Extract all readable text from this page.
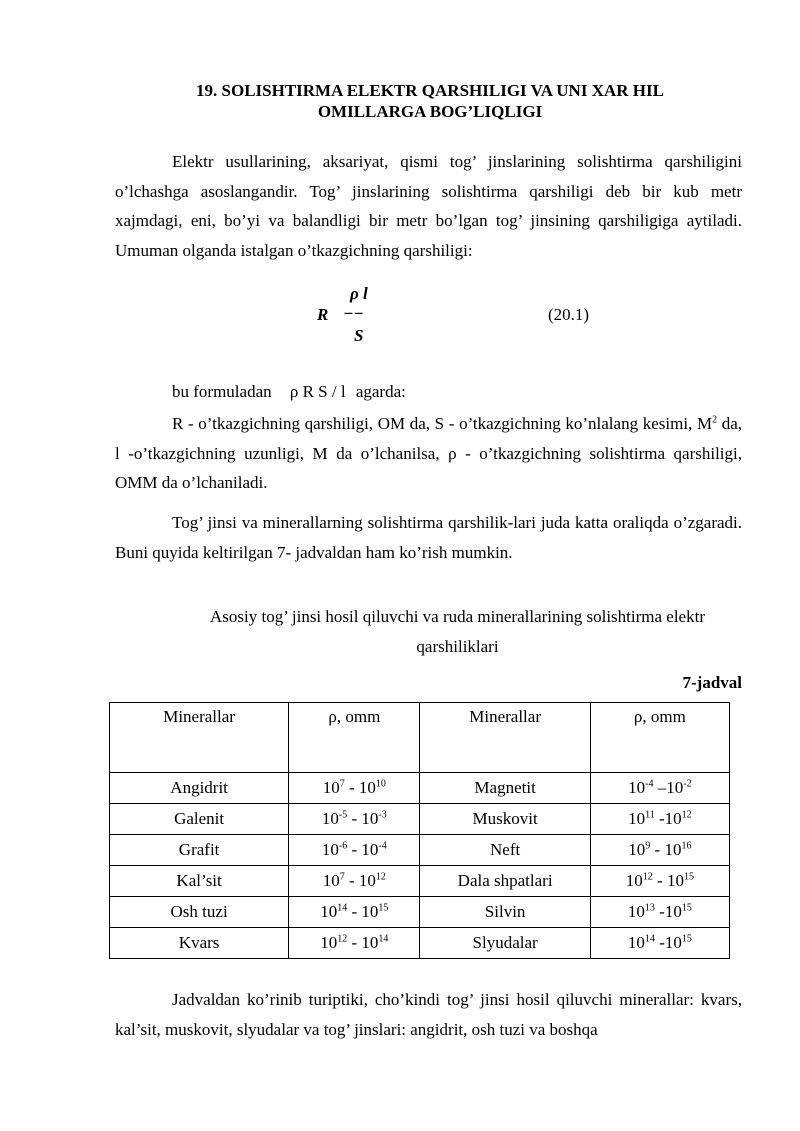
19. SOLISHTIRMA ELEKTR QARSHILIGI VA UNI XAR HIL
OMILLARGA BOG’LIQLIGI
Elektr usullarining, aksariyat, qismi tog’ jinslarining solishtirma qarshiligini o’lchashga asoslangandir. Tog’ jinslarining solishtirma qarshiligi deb bir kub metr xajmdagi, eni, bo’yi va balandligi bir metr bo’lgan tog’ jinsining qarshiligiga aytiladi. Umuman olganda istalgan o’tkazgichning qarshiligi:
ρ l
R −−
S
(20.1)
bu formuladan ρ R S / l agarda:
R - o’tkazgichning qarshiligi, OM da, S - o’tkazgichning ko’nlalang kesimi, $M^2$ da, l -o’tkazgichning uzunligi, M da o’lchanilsa, ρ - o’tkazgichning solishtirma qarshiligi, OMM da o’lchaniladi.
Tog’ jinsi va minerallarning solishtirma qarshilik-lari juda katta oraliqda o’zgaradi. Buni quyida keltirilgan 7- jadvaldan ham ko’rish mumkin.
Asosiy tog’ jinsi hosil qiluvchi va ruda minerallarining solishtirma elektr
qarshiliklari
7-jadval
Minerallar	ρ, omm	Minerallar	ρ, omm
Angidrit	$10^7 - 10^{10}$	Magnetit	$10^{-4}$ $-10^{-2}$
Galenit	$10^{-5} - 10^{-3}$	Muskovit	$10^{11}$ $-10^{12}$
Grafit	$10^{-6} - 10^{-4}$	Neft	$10^9 - 10^{16}$
Kal’sit	$10^7 - 10^{12}$	Dala shpatlari	$10^{12} - 10^{15}$
Osh tuzi	$10^{14} - 10^{15}$	Silvin	$10^{13}$ $-10^{15}$
Kvars	$10^{12} - 10^{14}$	Slyudalar	$10^{14}$ $-10^{15}$
Jadvaldan ko’rinib turiptiki, cho’kindi tog’ jinsi hosil qiluvchi minerallar: kvars, kal’sit, muskovit, slyudalar va tog’ jinslari: angidrit, osh tuzi va boshqa
